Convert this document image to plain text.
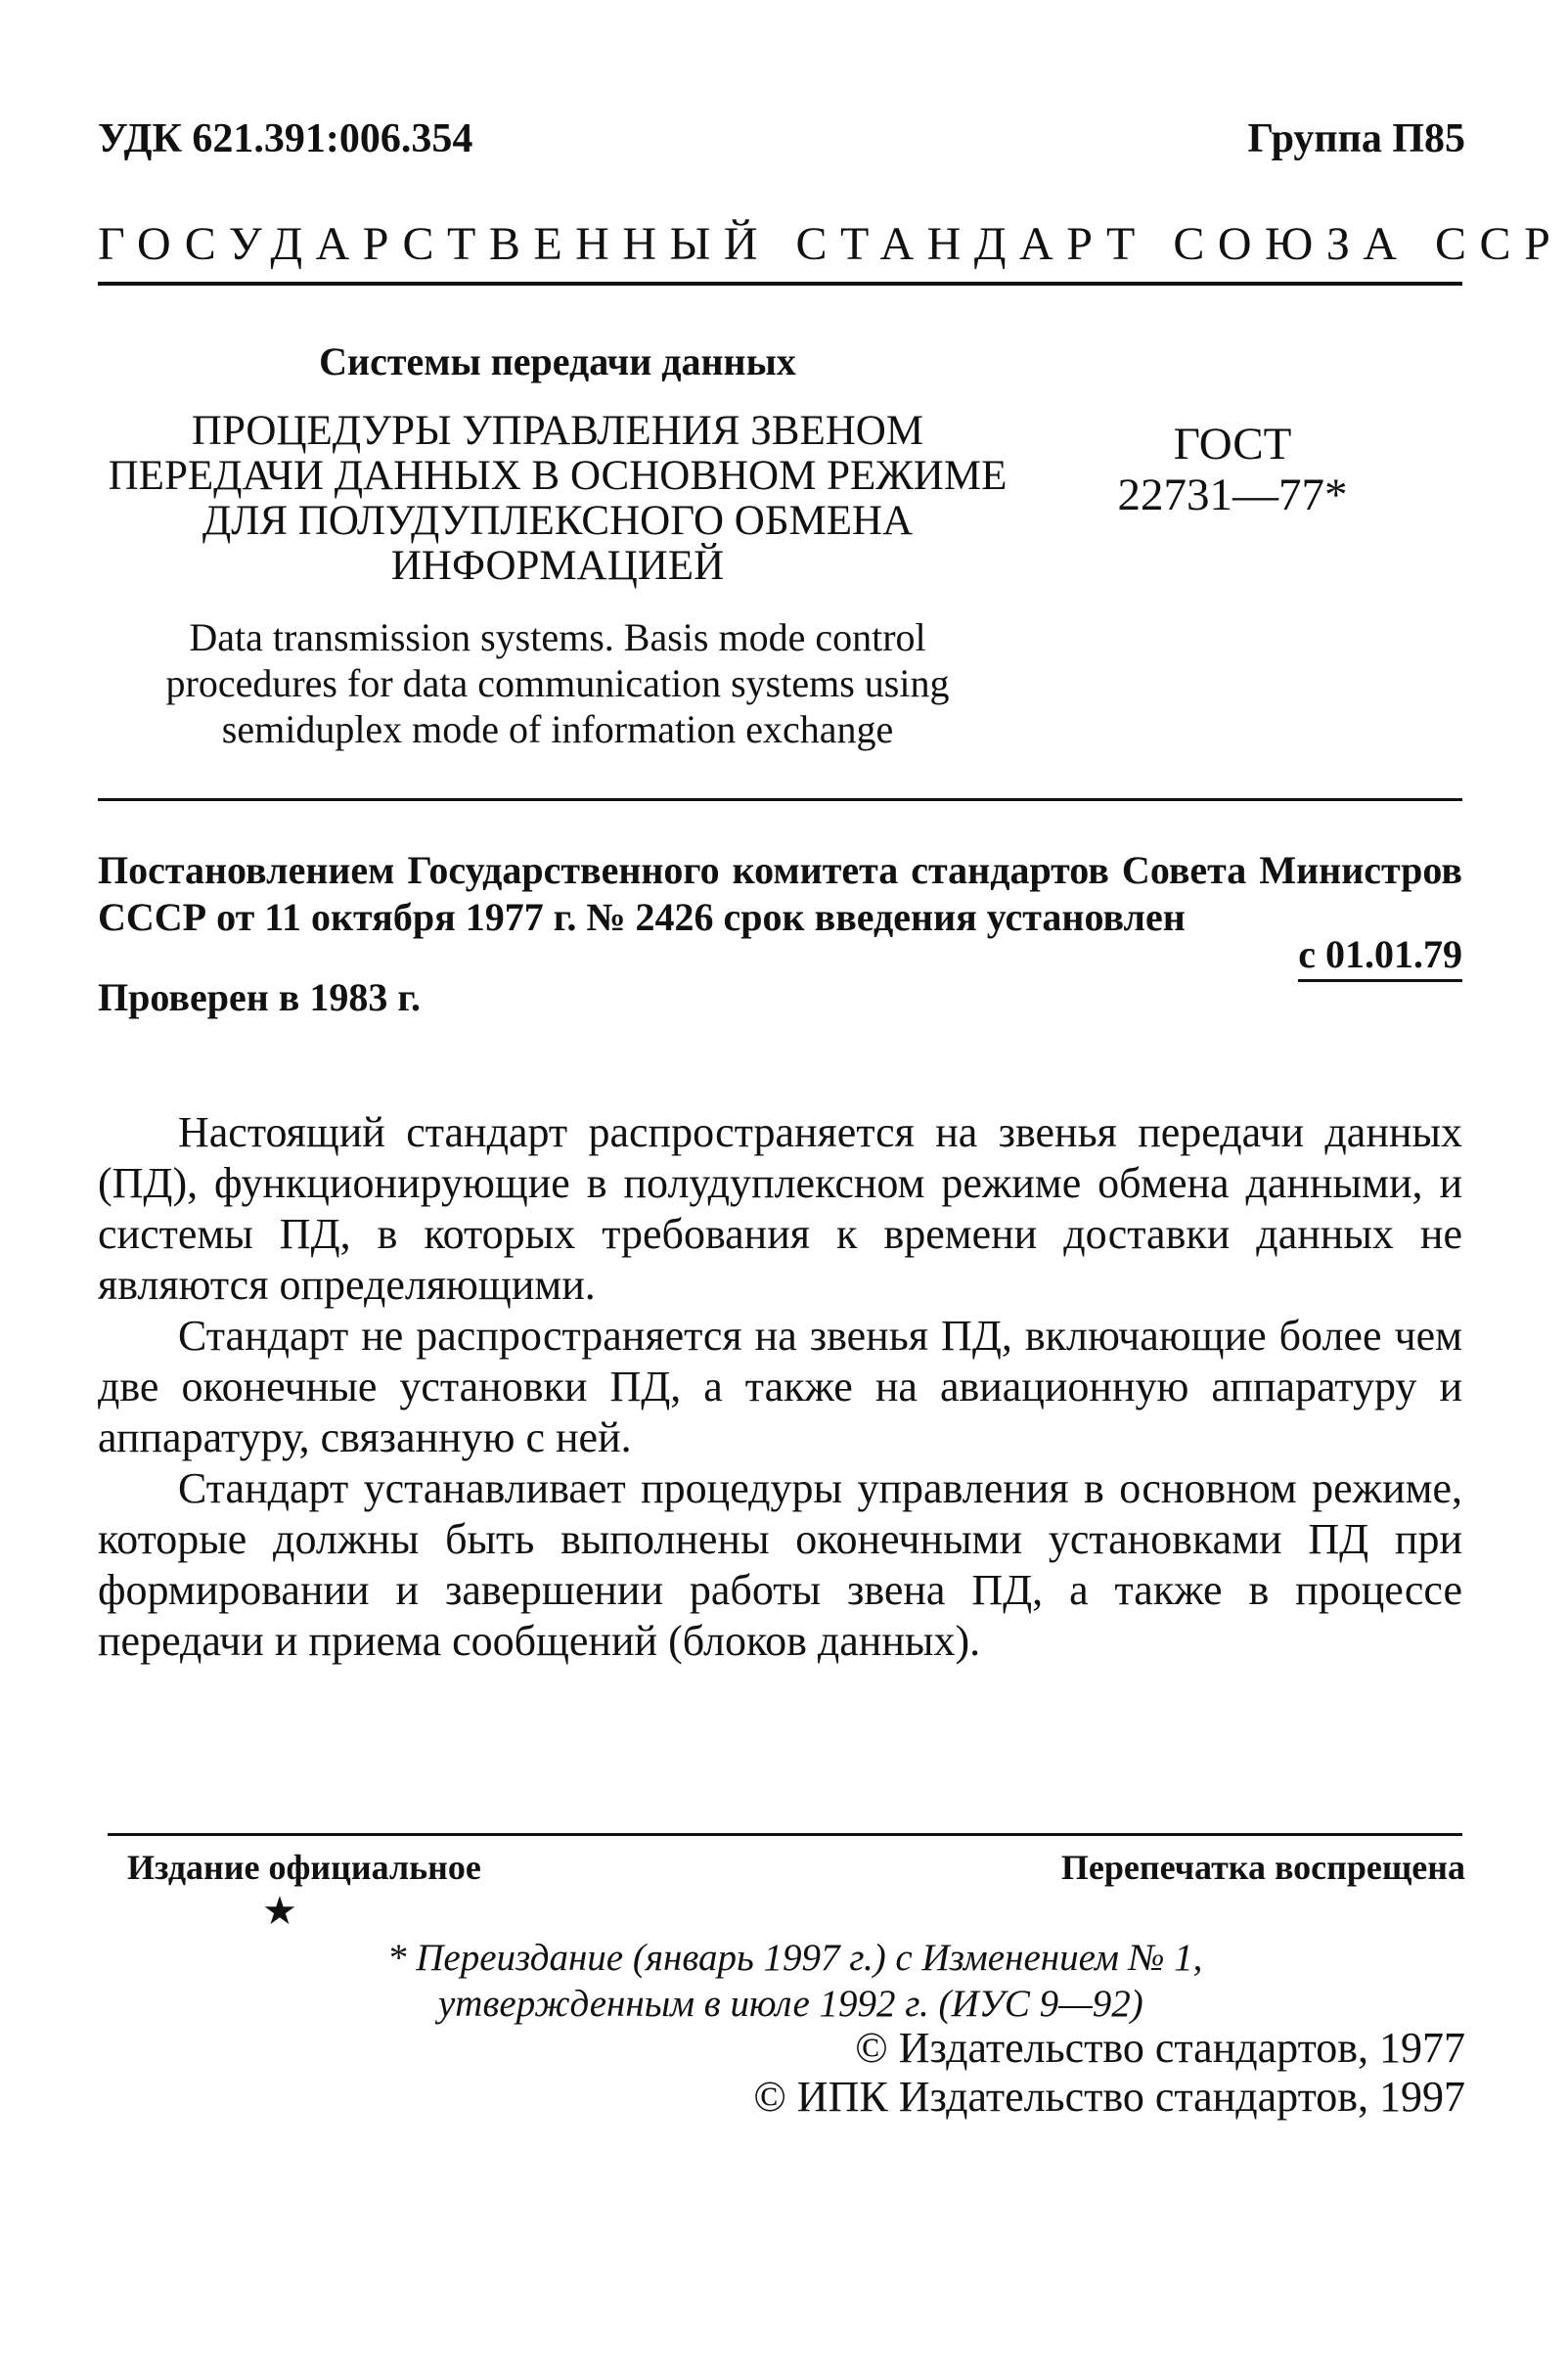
УДК 621.391:006.354	Группа П85
ГОСУДАРСТВЕННЫЙ СТАНДАРТ СОЮЗА ССР
Системы передачи данных
ПРОЦЕДУРЫ УПРАВЛЕНИЯ ЗВЕНОМ
ПЕРЕДАЧИ ДАННЫХ В ОСНОВНОМ РЕЖИМЕ
ДЛЯ ПОЛУДУПЛЕКСНОГО ОБМЕНА
ИНФОРМАЦИЕЙ
ГОСТ
22731—77*
Data transmission systems. Basis mode control
procedures for data communication systems using
semiduplex mode of information exchange
Постановлением Государственного комитета стандартов Совета Министров СССР от 11 октября 1977 г. № 2426 срок введения установлен
с 01.01.79
Проверен в 1983 г.

Настоящий стандарт распространяется на звенья передачи данных (ПД), функционирующие в полудуплексном режиме обмена данными, и системы ПД, в которых требования к времени доставки данных не являются определяющими.

Стандарт не распространяется на звенья ПД, включающие более чем две оконечные установки ПД, а также на авиационную аппаратуру и аппаратуру, связанную с ней.

Стандарт устанавливает процедуры управления в основном режиме, которые должны быть выполнены оконечными установками ПД при формировании и завершении работы звена ПД, а также в процессе передачи и приема сообщений (блоков данных).

Издание официальное
★
Перепечатка воспрещена
* Переиздание (январь 1997 г.) с Изменением № 1,
утвержденным в июле 1992 г. (ИУС 9—92)
© Издательство стандартов, 1977
© ИПК Издательство стандартов, 1997
